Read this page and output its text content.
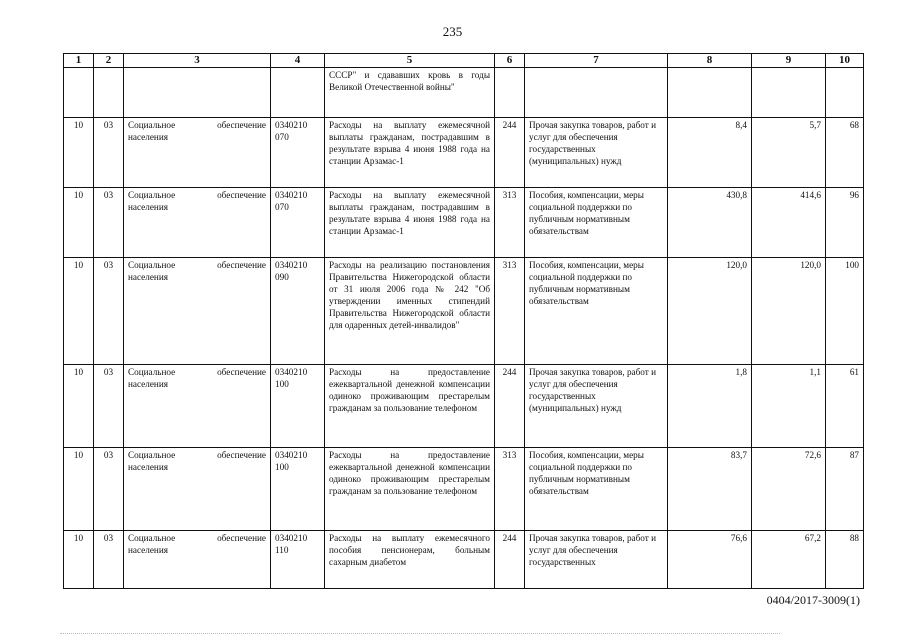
235
1	2	3	4	5	6	7	8	9	10
				СССР" и сдававших кровь в годы Великой Отечественной войны"					
10	03	Социальное обеспечение населения	0340210 070	Расходы на выплату ежемесячной выплаты гражданам, пострадавшим в результате взрыва 4 июня 1988 года на станции Арзамас-1	244	Прочая закупка товаров, работ и услуг для обеспечения государственных (муниципальных) нужд	8,4	5,7	68
10	03	Социальное обеспечение населения	0340210 070	Расходы на выплату ежемесячной выплаты гражданам, пострадавшим в результате взрыва 4 июня 1988 года на станции Арзамас-1	313	Пособия, компенсации, меры социальной поддержки по публичным нормативным обязательствам	430,8	414,6	96
10	03	Социальное обеспечение населения	0340210 090	Расходы на реализацию постановления Правительства Нижегородской области от 31 июля 2006 года № 242 "Об утверждении именных стипендий Правительства Нижегородской области для одаренных детей-инвалидов"	313	Пособия, компенсации, меры социальной поддержки по публичным нормативным обязательствам	120,0	120,0	100
10	03	Социальное обеспечение населения	0340210 100	Расходы на предоставление ежеквартальной денежной компенсации одиноко проживающим престарелым гражданам за пользование телефоном	244	Прочая закупка товаров, работ и услуг для обеспечения государственных (муниципальных) нужд	1,8	1,1	61
10	03	Социальное обеспечение населения	0340210 100	Расходы на предоставление ежеквартальной денежной компенсации одиноко проживающим престарелым гражданам за пользование телефоном	313	Пособия, компенсации, меры социальной поддержки по публичным нормативным обязательствам	83,7	72,6	87
10	03	Социальное обеспечение населения	0340210 110	Расходы на выплату ежемесячного пособия пенсионерам, больным сахарным диабетом	244	Прочая закупка товаров, работ и услуг для обеспечения государственных	76,6	67,2	88
0404/2017-3009(1)
